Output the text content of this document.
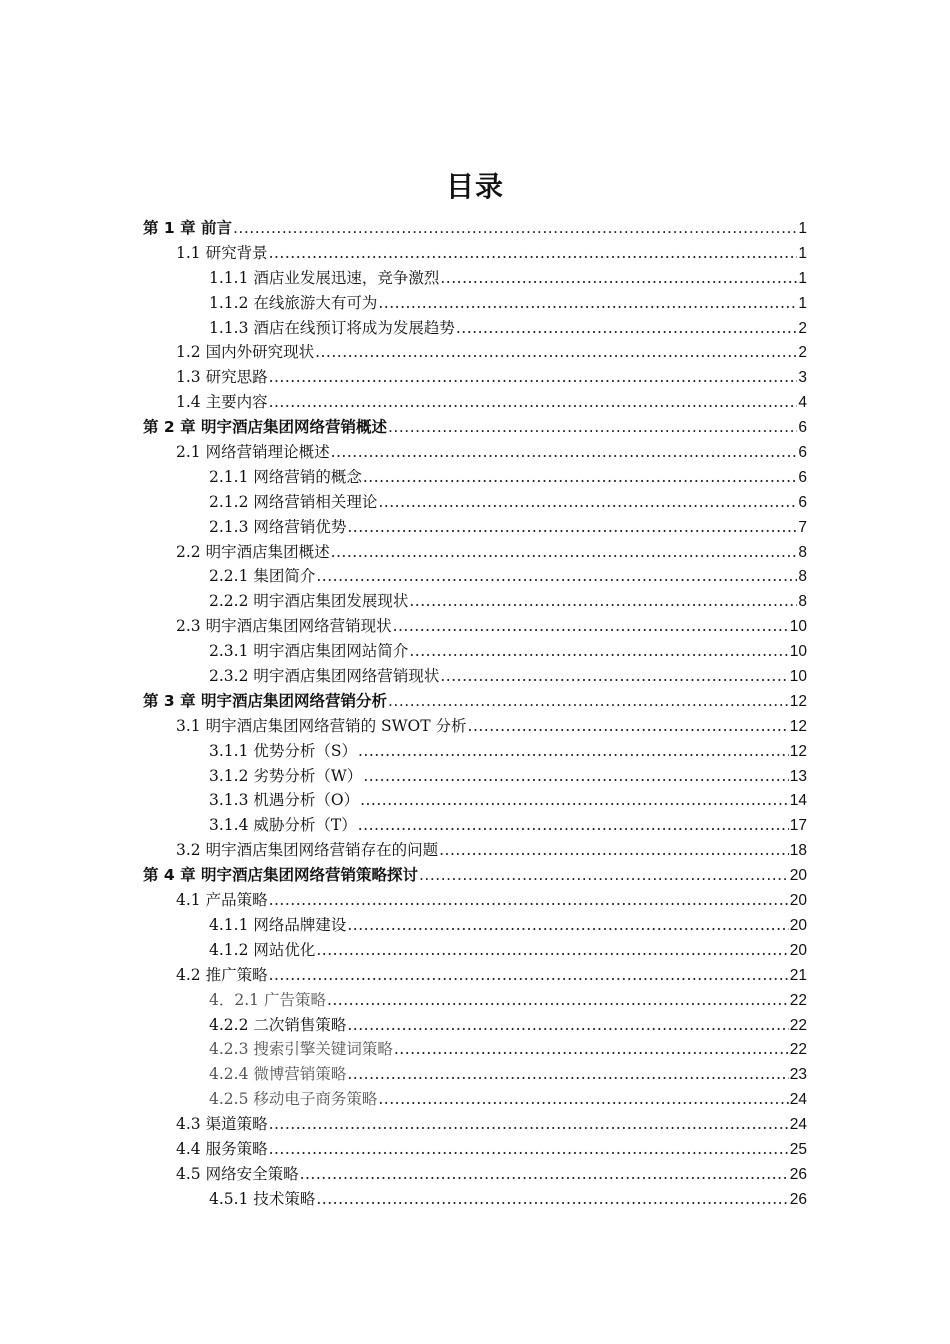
目录
第 1 章 前言 .....	1
1.1 研究背景 .....	1
1.1.1 酒店业发展迅速，竞争激烈 .....	1
1.1.2 在线旅游大有可为 .....	1
1.1.3 酒店在线预订将成为发展趋势 .....	2
1.2 国内外研究现状 .....	2
1.3 研究思路 .....	3
1.4 主要内容 .....	4
第 2 章 明宇酒店集团网络营销概述 .....	6
2.1 网络营销理论概述 .....	6
2.1.1 网络营销的概念 .....	6
2.1.2 网络营销相关理论 .....	6
2.1.3 网络营销优势 .....	7
2.2 明宇酒店集团概述 .....	8
2.2.1 集团简介 .....	8
2.2.2 明宇酒店集团发展现状 .....	8
2.3 明宇酒店集团网络营销现状 .....	10
2.3.1 明宇酒店集团网站简介 .....	10
2.3.2 明宇酒店集团网络营销现状 .....	10
第 3 章 明宇酒店集团网络营销分析 .....	12
3.1 明宇酒店集团网络营销的 SWOT 分析 .....	12
3.1.1 优势分析（S） .....	12
3.1.2 劣势分析（W） .....	13
3.1.3 机遇分析（O） .....	14
3.1.4 威胁分析（T） .....	17
3.2 明宇酒店集团网络营销存在的问题 .....	18
第 4 章 明宇酒店集团网络营销策略探讨 .....	20
4.1 产品策略 .....	20
4.1.1 网络品牌建设 .....	20
4.1.2 网站优化 .....	20
4.2 推广策略 .....	21
4．2.1 广告策略 .....	22
4.2.2 二次销售策略 .....	22
4.2.3 搜索引擎关键词策略 .....	22
4.2.4 微博营销策略 .....	23
4.2.5 移动电子商务策略 .....	24
4.3 渠道策略 .....	24
4.4 服务策略 .....	25
4.5 网络安全策略 .....	26
4.5.1 技术策略 .....	26
